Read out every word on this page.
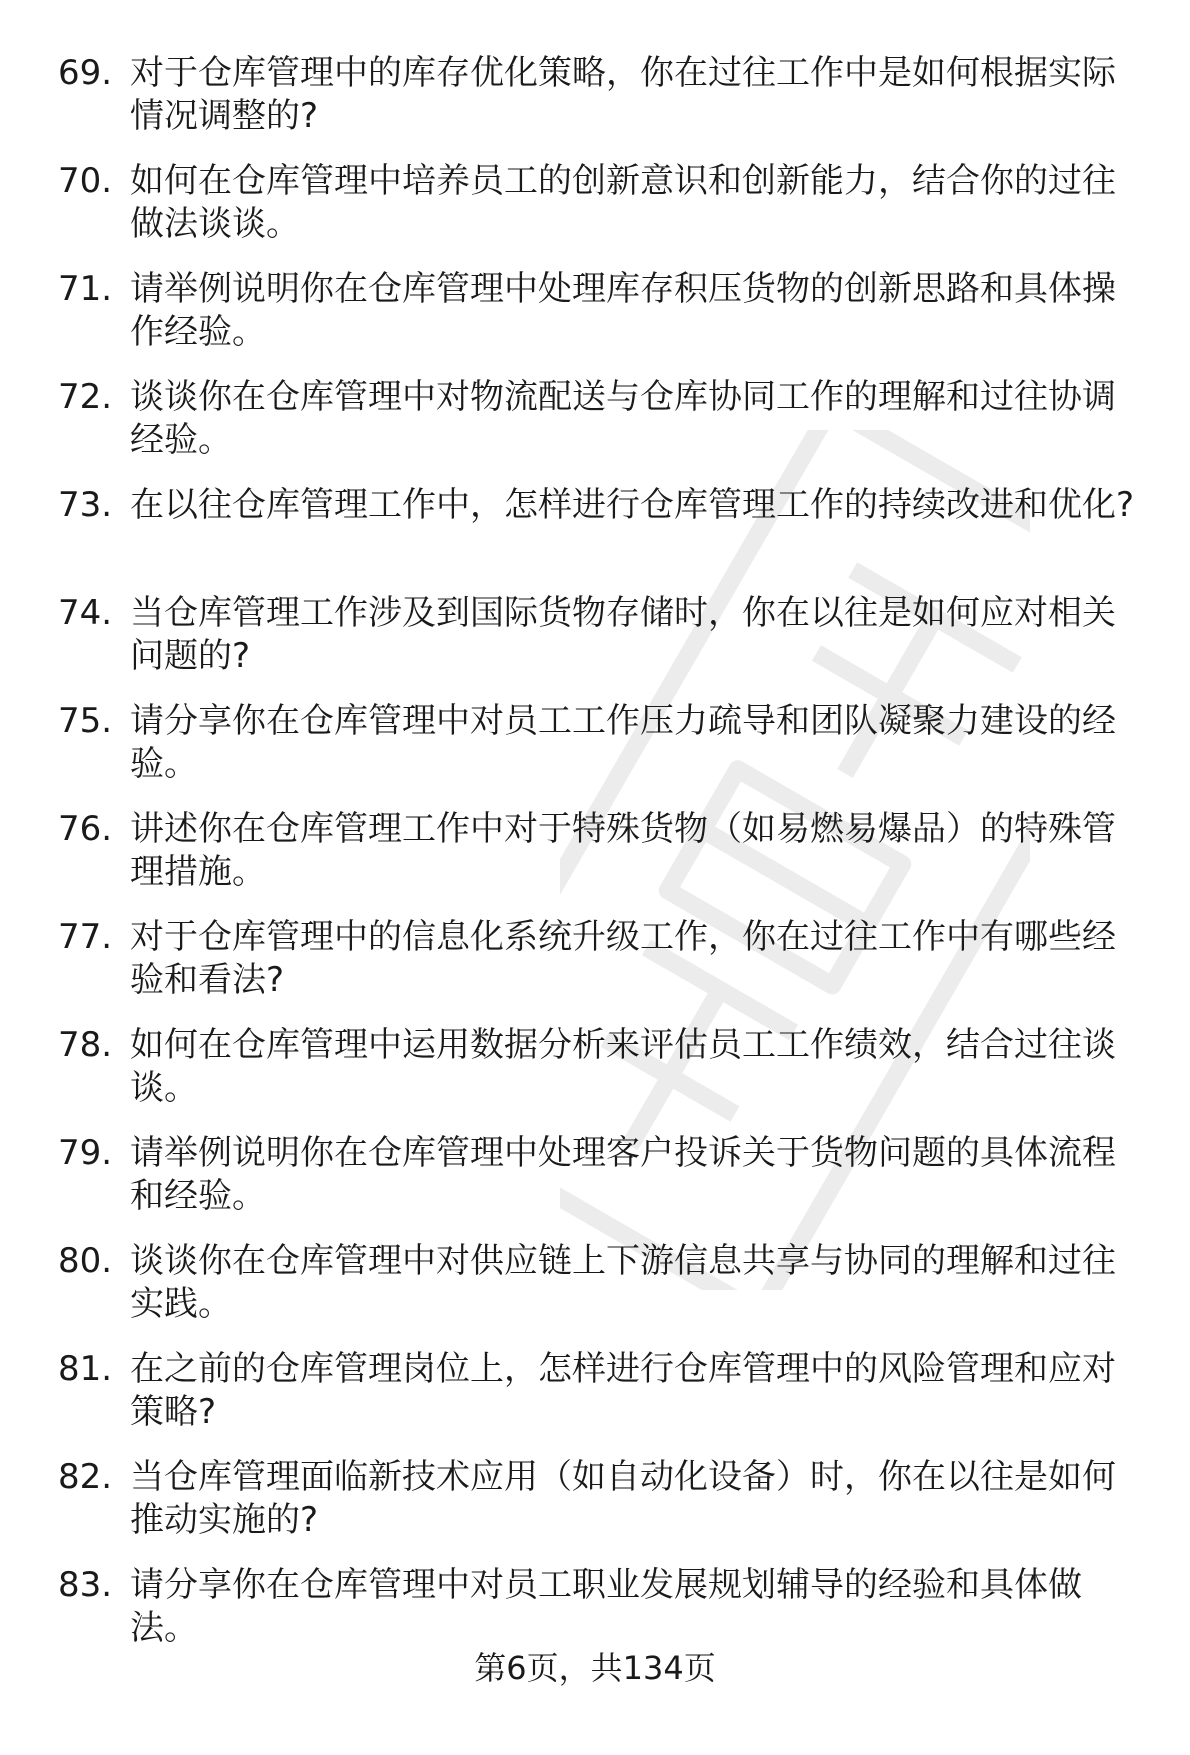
69. 对于仓库管理中的库存优化策略，你在过往工作中是如何根据实际情况调整的?
70. 如何在仓库管理中培养员工的创新意识和创新能力，结合你的过往做法谈谈。
71. 请举例说明你在仓库管理中处理库存积压货物的创新思路和具体操作经验。
72. 谈谈你在仓库管理中对物流配送与仓库协同工作的理解和过往协调经验。
73. 在以往仓库管理工作中，怎样进行仓库管理工作的持续改进和优化?
74. 当仓库管理工作涉及到国际货物存储时，你在以往是如何应对相关问题的?
75. 请分享你在仓库管理中对员工工作压力疏导和团队凝聚力建设的经验。
76. 讲述你在仓库管理工作中对于特殊货物（如易燃易爆品）的特殊管理措施。
77. 对于仓库管理中的信息化系统升级工作，你在过往工作中有哪些经验和看法?
78. 如何在仓库管理中运用数据分析来评估员工工作绩效，结合过往谈谈。
79. 请举例说明你在仓库管理中处理客户投诉关于货物问题的具体流程和经验。
80. 谈谈你在仓库管理中对供应链上下游信息共享与协同的理解和过往实践。
81. 在之前的仓库管理岗位上，怎样进行仓库管理中的风险管理和应对策略?
82. 当仓库管理面临新技术应用（如自动化设备）时，你在以往是如何推动实施的?
83. 请分享你在仓库管理中对员工职业发展规划辅导的经验和具体做法。
第6页，共134页
